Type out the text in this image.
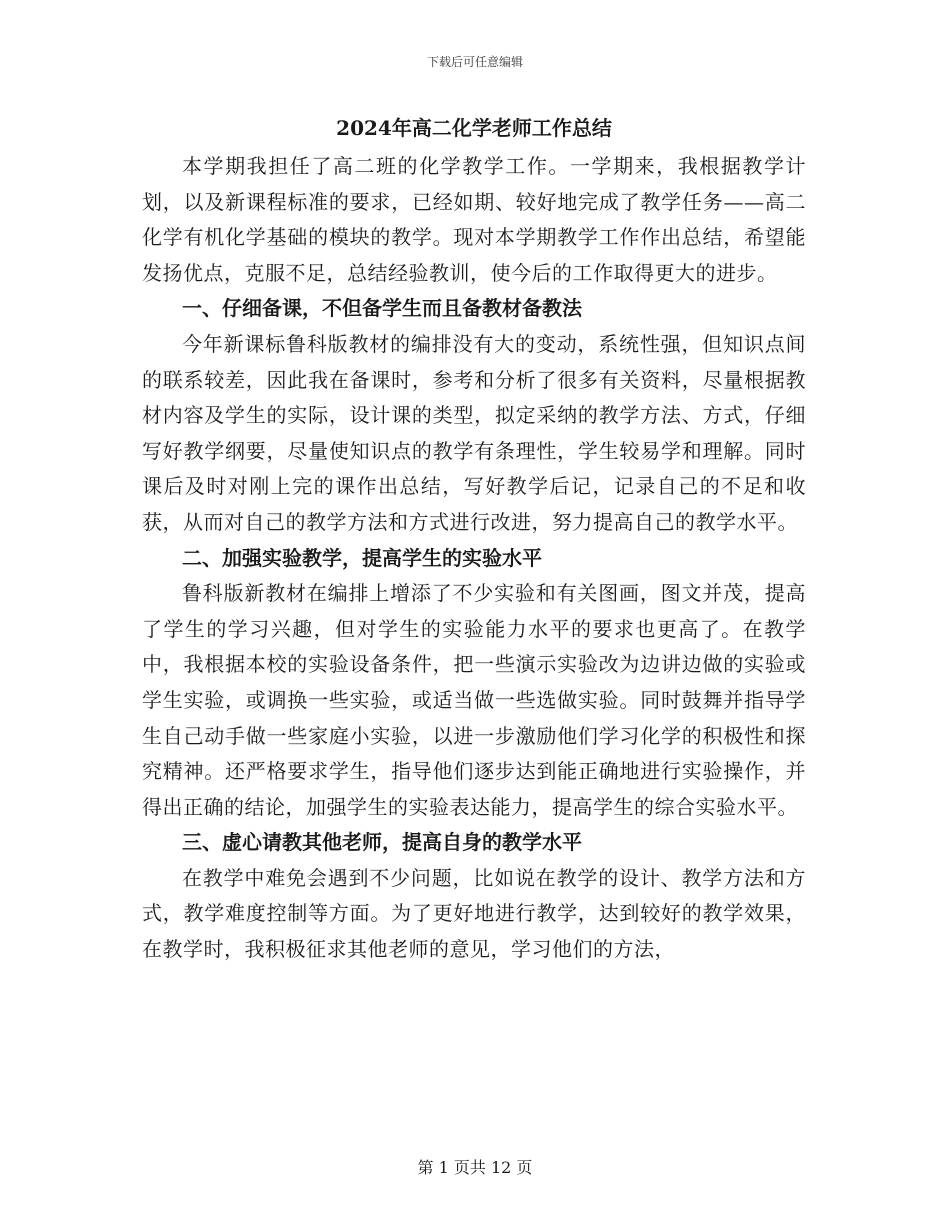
下载后可任意编辑
2024年高二化学老师工作总结

本学期我担任了高二班的化学教学工作。一学期来，我根据教学计划，以及新课程标准的要求，已经如期、较好地完成了教学任务——高二化学有机化学基础的模块的教学。现对本学期教学工作作出总结，希望能发扬优点，克服不足，总结经验教训，使今后的工作取得更大的进步。

一、仔细备课，不但备学生而且备教材备教法

今年新课标鲁科版教材的编排没有大的变动，系统性强，但知识点间的联系较差，因此我在备课时，参考和分析了很多有关资料，尽量根据教材内容及学生的实际，设计课的类型，拟定采纳的教学方法、方式，仔细写好教学纲要，尽量使知识点的教学有条理性，学生较易学和理解。同时课后及时对刚上完的课作出总结，写好教学后记，记录自己的不足和收获，从而对自己的教学方法和方式进行改进，努力提高自己的教学水平。

二、加强实验教学，提高学生的实验水平

鲁科版新教材在编排上增添了不少实验和有关图画，图文并茂，提高了学生的学习兴趣，但对学生的实验能力水平的要求也更高了。在教学中，我根据本校的实验设备条件，把一些演示实验改为边讲边做的实验或学生实验，或调换一些实验，或适当做一些选做实验。同时鼓舞并指导学生自己动手做一些家庭小实验，以进一步激励他们学习化学的积极性和探究精神。还严格要求学生，指导他们逐步达到能正确地进行实验操作，并得出正确的结论，加强学生的实验表达能力，提高学生的综合实验水平。

三、虚心请教其他老师，提高自身的教学水平

在教学中难免会遇到不少问题，比如说在教学的设计、教学方法和方式，教学难度控制等方面。为了更好地进行教学，达到较好的教学效果，在教学时，我积极征求其他老师的意见，学习他们的方法，

第 1 页共 12 页
